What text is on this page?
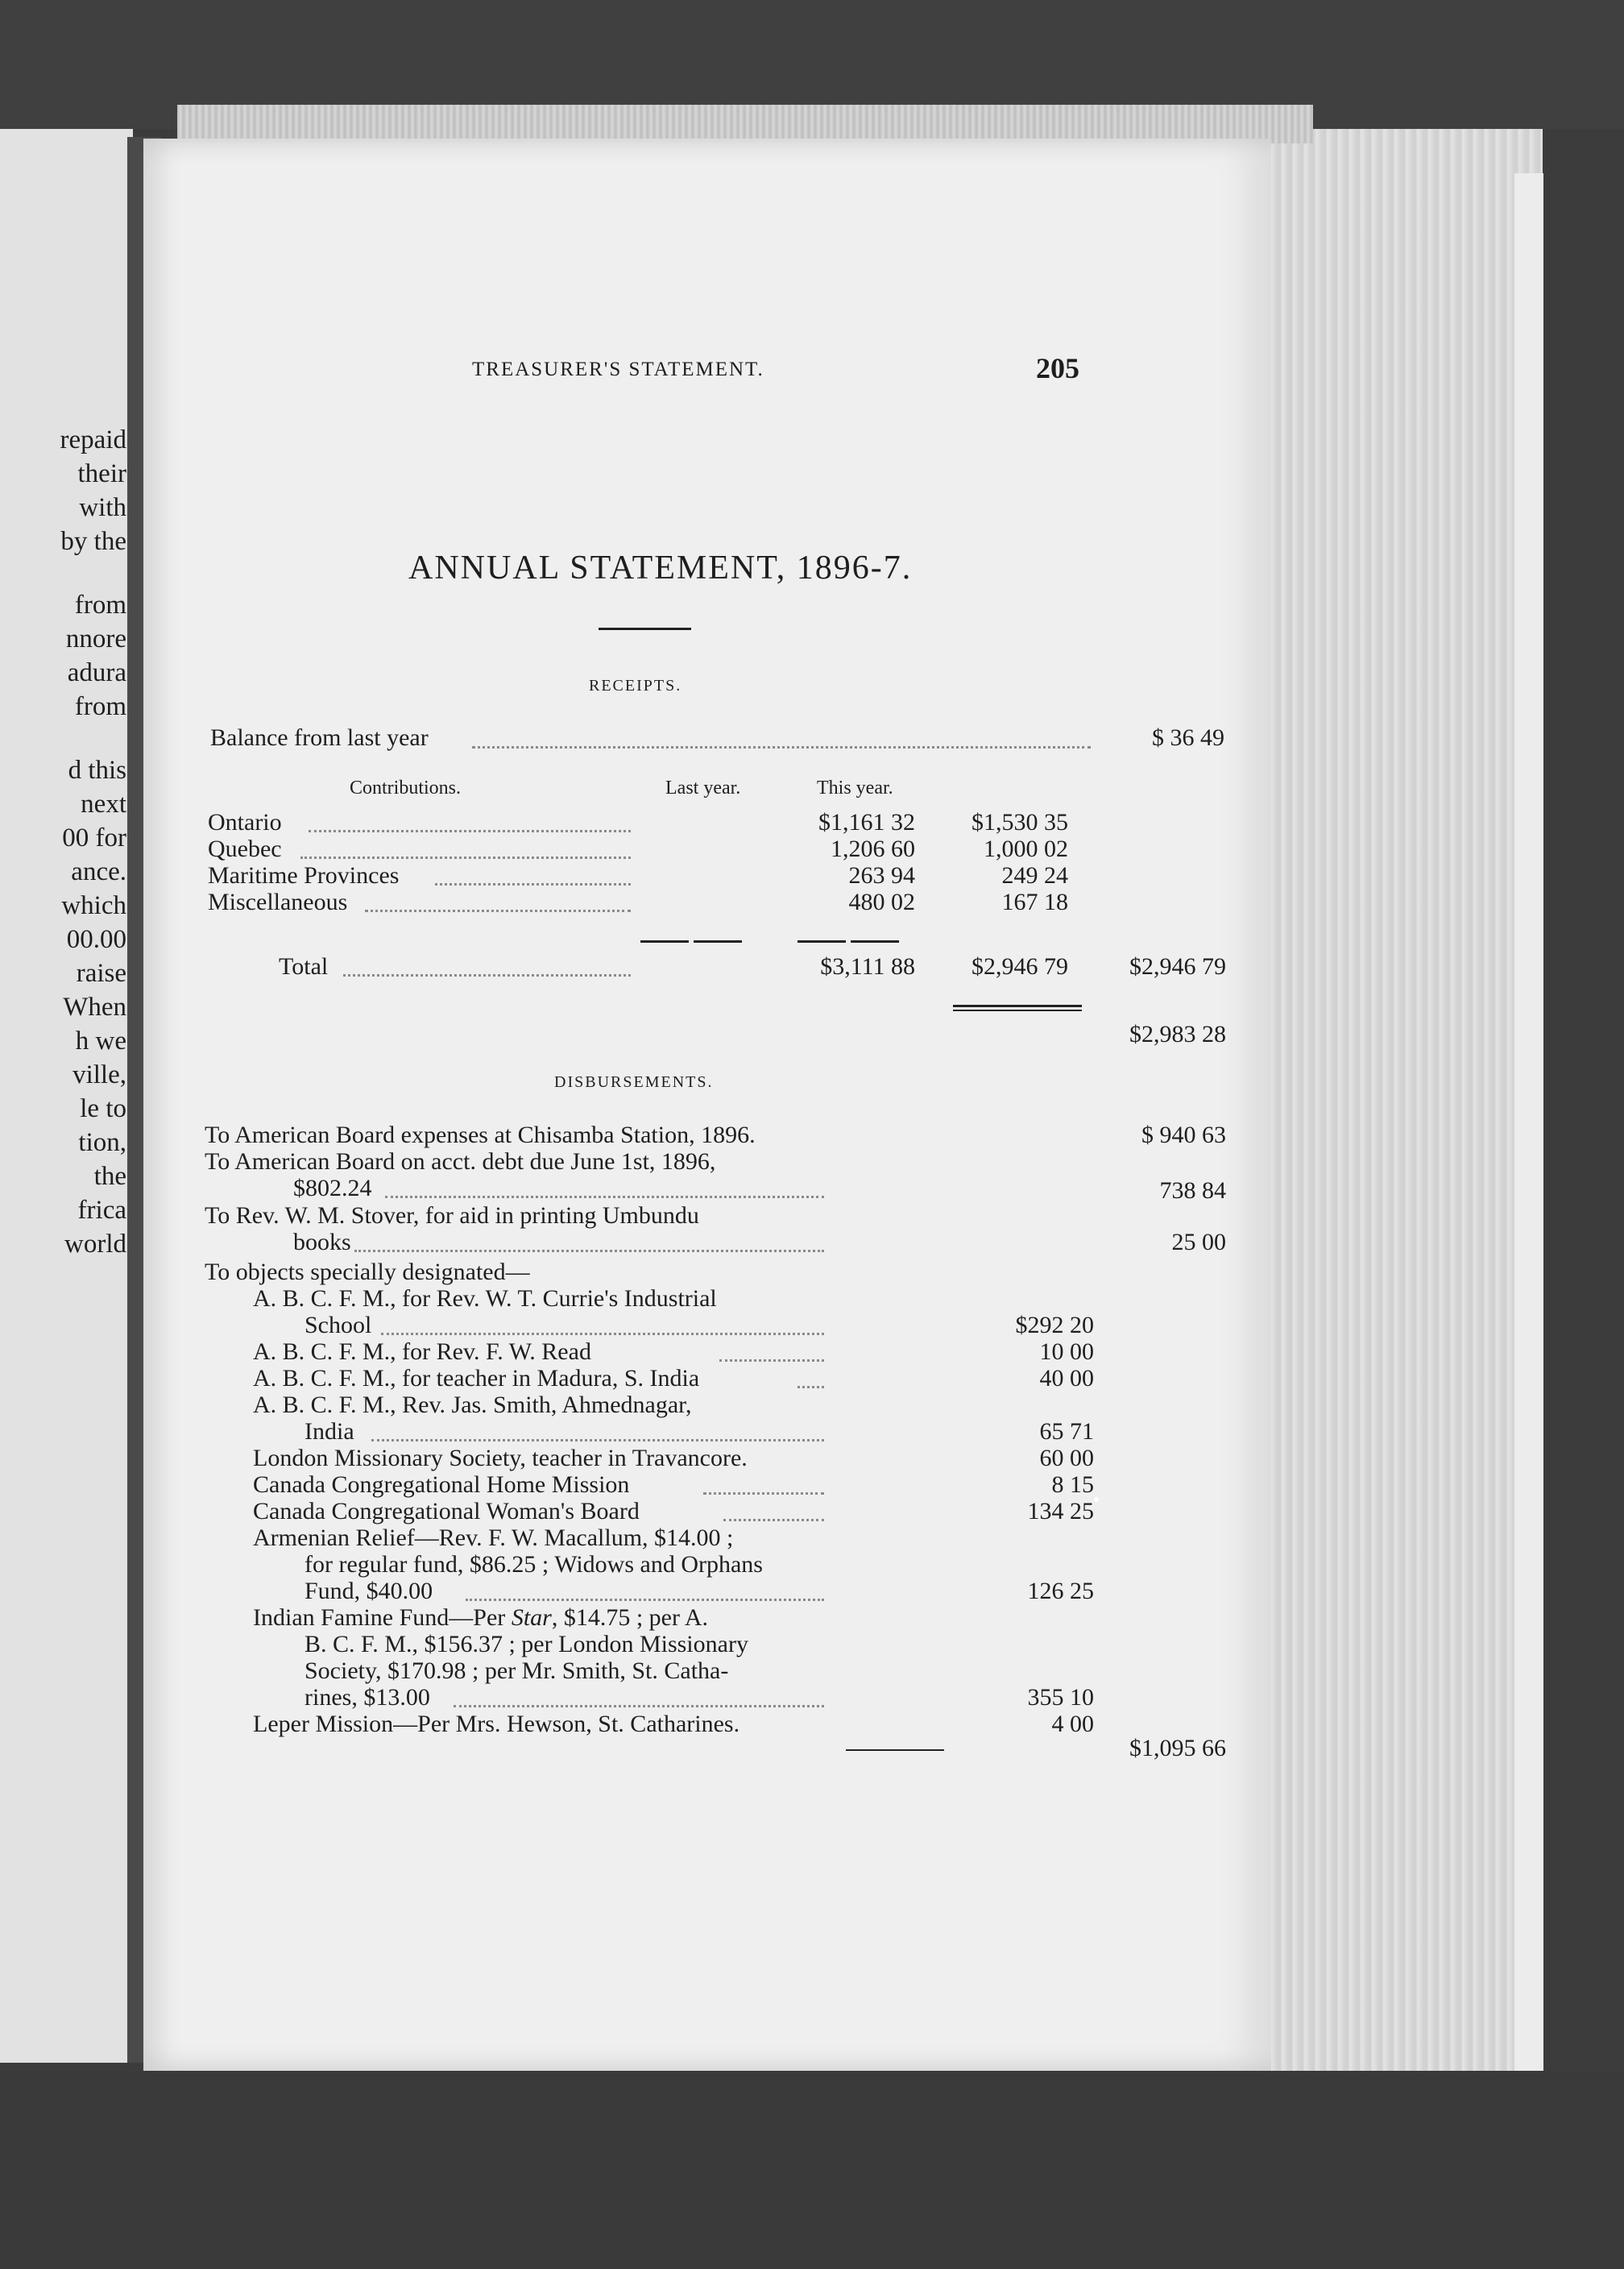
repaid
their
with
by the
from
nnore
adura
from
d this
next
00 for
ance.
which
00.00
raise
When
h we
ville,
le to
tion,
the
frica
world
TREASURER'S STATEMENT.	205
ANNUAL STATEMENT, 1896-7.
RECEIPTS.
Balance from last year	$ 36 49
Contributions.	Last year.	This year.
Ontario	$1,161 32 $1,530 35
Quebec	1,206 60	1,000 02
Maritime Provinces	263 94	249 24
Miscellaneous	480 02	167 18
Total	$3,111 88 $2,946 79	$2,946 79
$2,983 28
DISBURSEMENTS.
To American Board expenses at Chisamba Station, 1896.	$ 940 63
To American Board on acct. debt due June 1st, 1896,
$802.24	738 84
To Rev. W. M. Stover, for aid in printing Umbundu
books	25 00
To objects specially designated—
A. B. C. F. M., for Rev. W. T. Currie's Industrial
School	$292 20
A. B. C. F. M., for Rev. F. W. Read	10 00
A. B. C. F. M., for teacher in Madura, S. India	40 00
A. B. C. F. M., Rev. Jas. Smith, Ahmednagar,
India	65 71
London Missionary Society, teacher in Travancore.	60 00
Canada Congregational Home Mission	8 15
Canada Congregational Woman's Board	134 25
Armenian Relief—Rev. F. W. Macallum, $14.00 ;
for regular fund, $86.25 ; Widows and Orphans
Fund, $40.00	126 25
Indian Famine Fund—Per Star, $14.75 ; per A.
B. C. F. M., $156.37 ; per London Missionary
Society, $170.98 ; per Mr. Smith, St. Catha-
rines, $13.00	355 10
Leper Mission—Per Mrs. Hewson, St. Catharines.	4 00
$1,095 66
